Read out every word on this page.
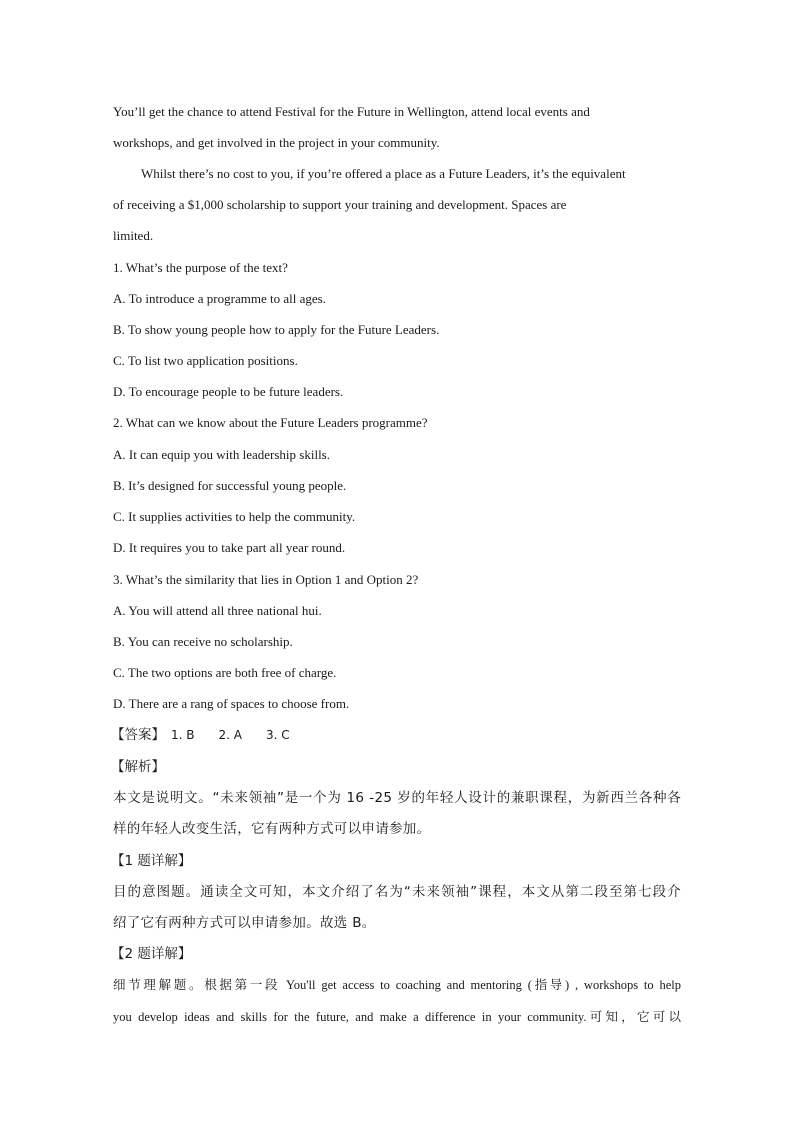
You’ll get the chance to attend Festival for the Future in Wellington, attend local events and
workshops, and get involved in the project in your community.
Whilst there’s no cost to you, if you’re offered a place as a Future Leaders, it’s the equivalent
of receiving a $1,000 scholarship to support your training and development. Spaces are
limited.
1. What’s the purpose of the text?
A. To introduce a programme to all ages.
B. To show young people how to apply for the Future Leaders.
C. To list two application positions.
D. To encourage people to be future leaders.
2. What can we know about the Future Leaders programme?
A. It can equip you with leadership skills.
B. It’s designed for successful young people.
C. It supplies activities to help the community.
D. It requires you to take part all year round.
3. What’s the similarity that lies in Option 1 and Option 2?
A. You will attend all three national hui.
B. You can receive no scholarship.
C. The two options are both free of charge.
D. There are a rang of spaces to choose from.
【答案】 1. B 2. A 3. C
【解析】
本文是说明文。“未来领袖”是一个为 16 -25 岁的年轻人设计的兼职课程，为新西兰各种各
样的年轻人改变生活，它有两种方式可以申请参加。
【1 题详解】
目的意图题。通读全文可知，本文介绍了名为“未来领袖”课程，本文从第二段至第七段介
绍了它有两种方式可以申请参加。故选 B。
【2 题详解】
细节理解题。根据第一段 You'll get access to coaching and mentoring (指导) , workshops to help
you develop ideas and skills for the future, and make a difference in your community.可知，它可以
